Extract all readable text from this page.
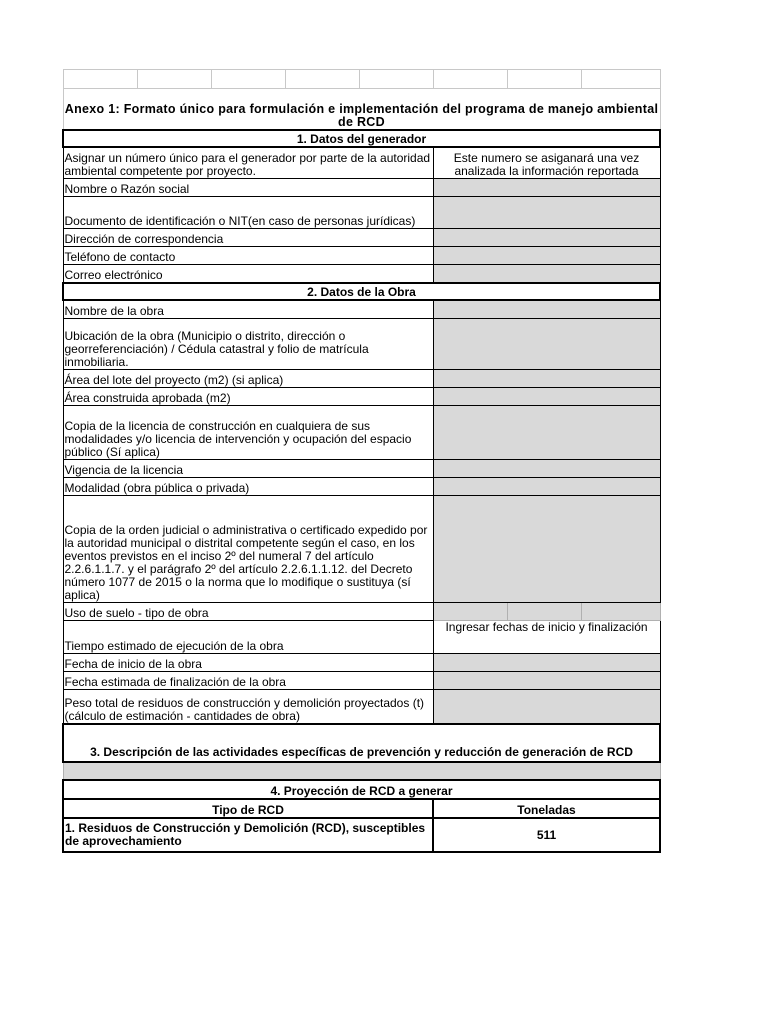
Anexo 1: Formato único para formulación e implementación del programa de manejo ambiental de RCD							
1. Datos del generador							
Asignar un número único para el generador por parte de la autoridad ambiental competente por proyecto.					Este numero se asiganará una vez analizada la información reportada		
Nombre o Razón social							
Documento de identificación o NIT(en caso de personas jurídicas)							
Dirección de correspondencia							
Teléfono de contacto							
Correo electrónico							
2. Datos de la Obra							
Nombre de la obra							
Ubicación de la obra (Municipio o distrito, dirección o georreferenciación) / Cédula catastral y folio de matrícula inmobiliaria.							
Área del lote del proyecto (m2) (si aplica)							
Área construida aprobada (m2)							
Copia de la licencia de construcción en cualquiera de sus modalidades y/o licencia de intervención y ocupación del espacio público (Sí aplica)							
Vigencia de la licencia							
Modalidad (obra pública o privada)							
Copia de la orden judicial o administrativa o certificado expedido por la autoridad municipal o distrital competente según el caso, en los eventos previstos en el inciso 2º del numeral 7 del artículo 2.2.6.1.1.7. y el parágrafo 2º del artículo 2.2.6.1.1.12. del Decreto número 1077 de 2015 o la norma que lo modifique o sustituya (sí aplica)							
Uso de suelo - tipo de obra							
Tiempo estimado de ejecución de la obra					Ingresar fechas de inicio y finalización		
Fecha de inicio de la obra							
Fecha estimada de finalización de la obra							
Peso total de residuos de construcción y demolición proyectados (t) (cálculo de estimación - cantidades de obra)							
3. Descripción de las actividades específicas de prevención y reducción de generación de RCD							

4. Proyección de RCD a generar							
Tipo de RCD					Toneladas		
1. Residuos de Construcción y Demolición (RCD), susceptibles de aprovechamiento					511		
